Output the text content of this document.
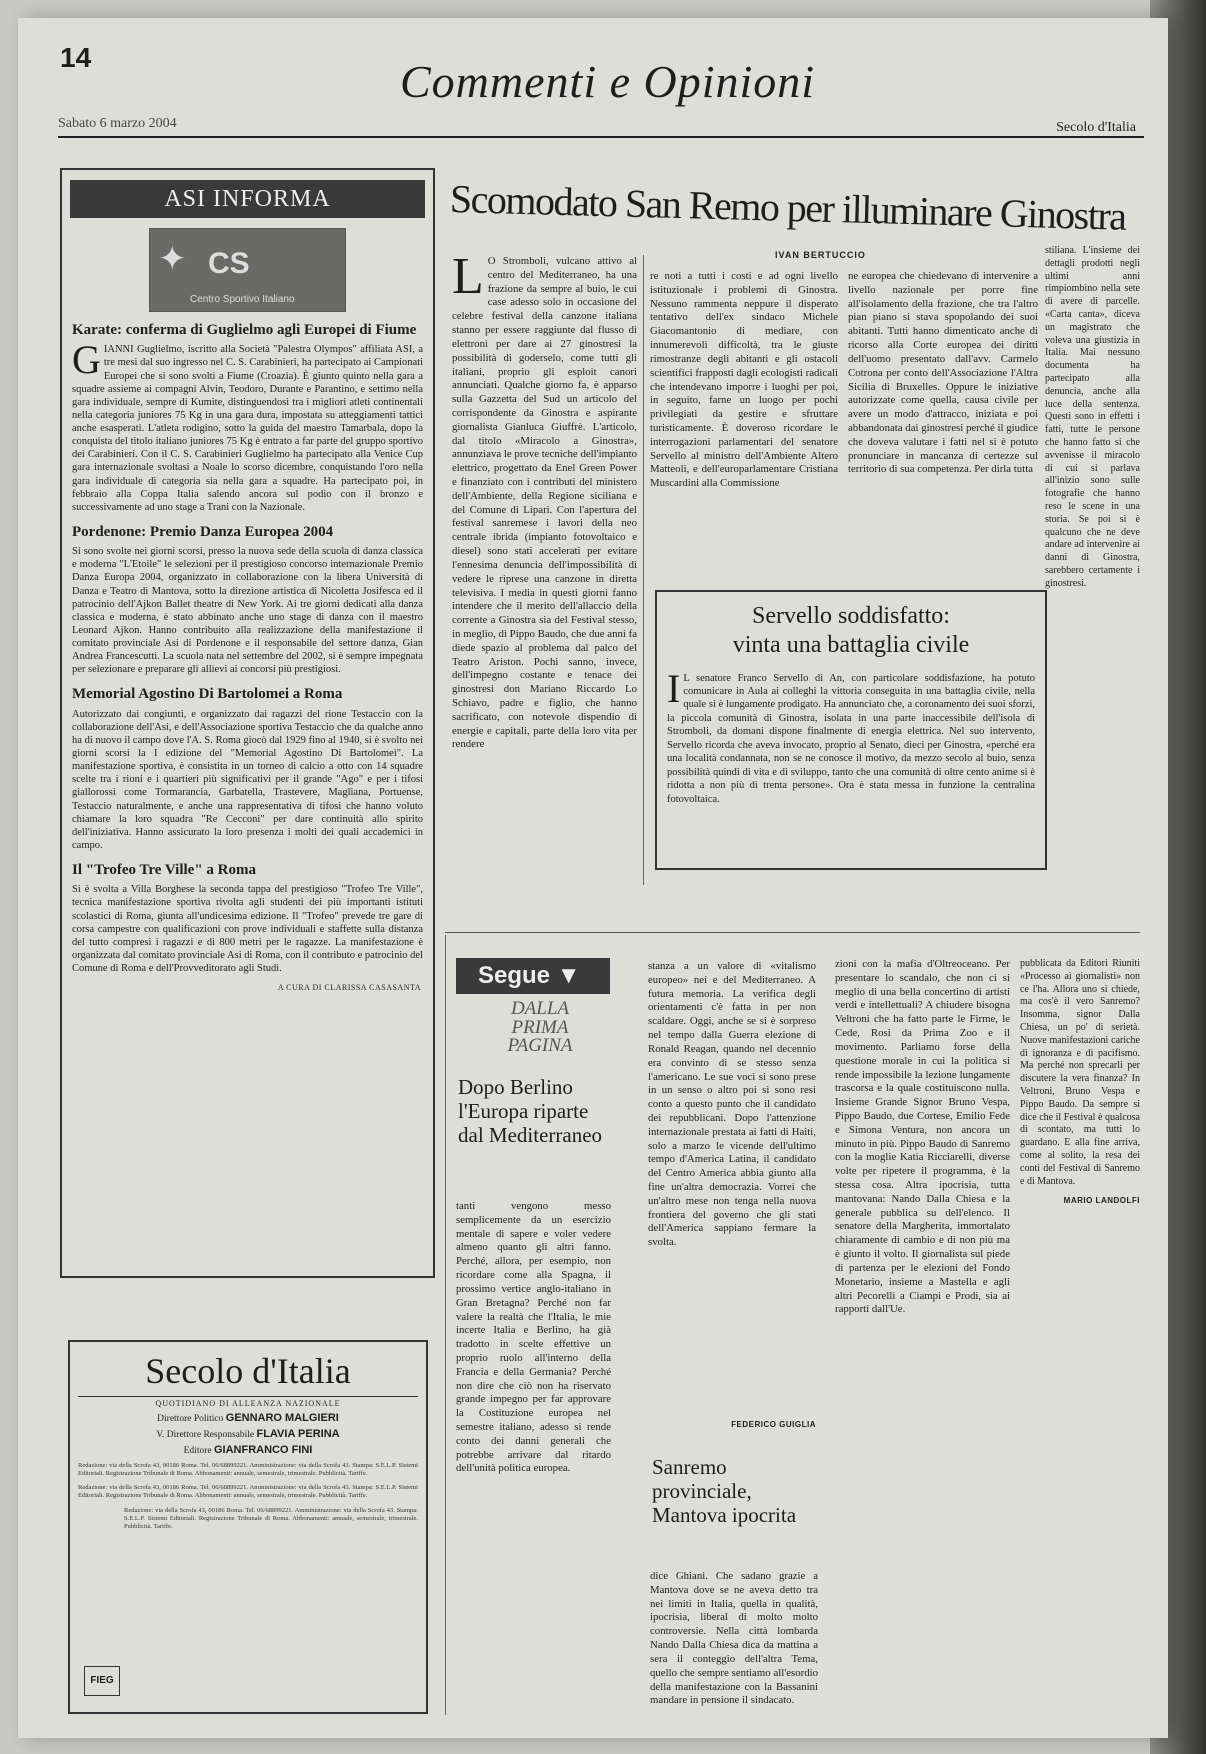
14	Commenti e Opinioni
Sabato 6 marzo 2004	Secolo d'Italia
ASI INFORMA
✦ CS
Centro Sportivo Italiano
Karate: conferma di Guglielmo agli Europei di Fiume
GIANNI Guglielmo, iscritto alla Società "Palestra Olympos" affiliata ASI, a tre mesi dal suo ingresso nel C. S. Carabinieri, ha partecipato ai Campionati Europei che si sono svolti a Fiume (Croazia). È giunto quinto nella gara a squadre assieme ai compagni Alvin, Teodoro, Durante e Parantino, e settimo nella gara individuale, sempre di Kumite, distinguendosi tra i migliori atleti continentali nella categoria juniores 75 Kg in una gara dura, impostata su atteggiamenti tattici anche esasperati. L'atleta rodigino, sotto la guida del maestro Tamarbala, dopo la conquista del titolo italiano juniores 75 Kg è entrato a far parte del gruppo sportivo dei Carabinieri. Con il C. S. Carabinieri Guglielmo ha partecipato alla Venice Cup gara internazionale svoltasi a Noale lo scorso dicembre, conquistando l'oro nella gara individuale di categoria sia nella gara a squadre. Ha partecipato poi, in febbraio alla Coppa Italia salendo ancora sul podio con il bronzo e successivamente ad uno stage a Trani con la Nazionale.
Pordenone: Premio Danza Europea 2004
Si sono svolte nei giorni scorsi, presso la nuova sede della scuola di danza classica e moderna "L'Etoile" le selezioni per il prestigioso concorso internazionale Premio Danza Europa 2004, organizzato in collaborazione con la libera Università di Danza e Teatro di Mantova, sotto la direzione artistica di Nicoletta Josifesca ed il patrocinio dell'Ajkon Ballet theatre di New York. Ai tre giorni dedicati alla danza classica e moderna, è stato abbinato anche uno stage di danza con il maestro Leonard Ajkon. Hanno contribuito alla realizzazione della manifestazione il comitato provinciale Asi di Pordenone e il responsabile del settore danza, Gian Andrea Francescutti. La scuola nata nel settembre del 2002, si è sempre impegnata per selezionare e preparare gli allievi ai concorsi più prestigiosi.
Memorial Agostino Di Bartolomei a Roma
Autorizzato dai congiunti, e organizzato dai ragazzi del rione Testaccio con la collaborazione dell'Asi, e dell'Associazione sportiva Testaccio che da qualche anno ha di nuovo il campo dove l'A. S. Roma giocò dal 1929 fino al 1940, si è svolto nei giorni scorsi la I edizione del "Memorial Agostino Di Bartolomei". La manifestazione sportiva, è consistita in un torneo di calcio a otto con 14 squadre scelte tra i rioni e i quartieri più significativi per il grande "Ago" e per i tifosi giallorossi come Tormarancia, Garbatella, Trastevere, Magliana, Portuense, Testaccio naturalmente, e anche una rappresentativa di tifosi che hanno voluto chiamare la loro squadra "Re Cecconi" per dare continuità allo spirito dell'iniziativa. Hanno assicurato la loro presenza i molti dei quali accademici in campo.
Il "Trofeo Tre Ville" a Roma
Si è svolta a Villa Borghese la seconda tappa del prestigioso "Trofeo Tre Ville", tecnica manifestazione sportiva rivolta agli studenti dei più importanti istituti scolastici di Roma, giunta all'undicesima edizione. Il "Trofeo" prevede tre gare di corsa campestre con qualificazioni con prove individuali e staffette sulla distanza del tutto compresi i ragazzi e di 800 metri per le ragazze. La manifestazione è organizzata dal comitato provinciale Asi di Roma, con il contributo e patrocinio del Comune di Roma e dell'Provveditorato agli Studi.
A CURA DI CLARISSA CASASANTA
Secolo d'Italia
QUOTIDIANO DI ALLEANZA NAZIONALE
Direttore Politico GENNARO MALGIERI
V. Direttore Responsabile FLAVIA PERINA
Editore GIANFRANCO FINI
Redazione: via della Scrofa 43, 00186 Roma. Tel. 06/68899221. Amministrazione: via della Scrofa 43. Stampa: S.E.L.P. Sistemi Editoriali. Registrazione Tribunale di Roma. Abbonamenti: annuale, semestrale, trimestrale. Pubblicità. Tariffe.
Redazione: via della Scrofa 43, 00186 Roma. Tel. 06/68899221. Amministrazione: via della Scrofa 43. Stampa: S.E.L.P. Sistemi Editoriali. Registrazione Tribunale di Roma. Abbonamenti: annuale, semestrale, trimestrale. Pubblicità. Tariffe.
Redazione: via della Scrofa 43, 00186 Roma. Tel. 06/68899221. Amministrazione: via della Scrofa 43. Stampa: S.E.L.P. Sistemi Editoriali. Registrazione Tribunale di Roma. Abbonamenti: annuale, semestrale, trimestrale. Pubblicità. Tariffe.
FIEG
Scomodato San Remo per illuminare Ginostra
IVAN BERTUCCIO
L O Stromboli, vulcano attivo al centro del Mediterraneo, ha una frazione da sempre al buio, le cui case adesso solo in occasione del celebre festival della canzone italiana stanno per essere raggiunte dal flusso di elettroni per dare ai 27 ginostresi la possibilità di goderselo, come tutti gli italiani, proprio gli esploit canori annunciati. Qualche giorno fa, è apparso sulla Gazzetta del Sud un articolo del corrispondente da Ginostra e aspirante giornalista Gianluca Giuffrè. L'articolo, dal titolo «Miracolo a Ginostra», annunziava le prove tecniche dell'impianto elettrico, progettato da Enel Green Power e finanziato con i contributi del ministero dell'Ambiente, della Regione siciliana e del Comune di Lipari. Con l'apertura del festival sanremese i lavori della neo centrale ibrida (impianto fotovoltaico e diesel) sono stati accelerati per evitare l'ennesima denuncia dell'impossibilità di vedere le riprese una canzone in diretta televisiva. I media in questi giorni fanno intendere che il merito dell'allaccio della corrente a Ginostra sia del Festival stesso, in meglio, di Pippo Baudo, che due anni fa diede spazio al problema dal palco del Teatro Ariston. Pochi sanno, invece, dell'impegno costante e tenace dei ginostresi don Mariano Riccardo Lo Schiavo, padre e figlio, che hanno sacrificato, con notevole dispendio di energie e capitali, parte della loro vita per rendere
re noti a tutti i costi e ad ogni livello istituzionale i problemi di Ginostra. Nessuno rammenta neppure il disperato tentativo dell'ex sindaco Michele Giacomantonio di mediare, con innumerevoli difficoltà, tra le giuste rimostranze degli abitanti e gli ostacoli scientifici frapposti dagli ecologisti radicali che intendevano imporre i luoghi per poi, in seguito, farne un luogo per pochi privilegiati da gestire e sfruttare turisticamente. È doveroso ricordare le interrogazioni parlamentari del senatore Servello al ministro dell'Ambiente Altero Matteoli, e dell'europarlamentare Cristiana Muscardini alla Commissione
ne europea che chiedevano di intervenire a livello nazionale per porre fine all'isolamento della frazione, che tra l'altro pian piano si stava spopolando dei suoi abitanti. Tutti hanno dimenticato anche di ricorso alla Corte europea dei diritti dell'uomo presentato dall'avv. Carmelo Cotrona per conto dell'Associazione l'Altra Sicilia di Bruxelles. Oppure le iniziative autorizzate come quella, causa civile per avere un modo d'attracco, iniziata e poi abbandonata dai ginostresi perché il giudice che doveva valutare i fatti nel si è potuto pronunciare in mancanza di certezze sul territorio di sua competenza. Per dirla tutta
stiliana. L'insieme dei dettagli prodotti negli ultimi anni rimpiombino nella sete di avere di parcelle. «Carta canta», diceva un magistrato che voleva una giustizia in Italia. Mai nessuno documenta ha partecipato alla denuncia, anche alla luce della sentenza. Questi sono in effetti i fatti, tutte le persone che hanno fatto si che avvenisse il miracolo di cui si parlava all'inizio sono sulle fotografie che hanno reso le scene in una storia. Se poi si è qualcuno che ne deve andare ad intervenire ai danni di Ginostra, sarebbero certamente i ginostresi.
Servello soddisfatto:
vinta una battaglia civile
I L senatore Franco Servello di An, con particolare soddisfazione, ha potuto comunicare in Aula ai colleghi la vittoria conseguita in una battaglia civile, nella quale si è lungamente prodigato. Ha annunciato che, a coronamento dei suoi sforzi, la piccola comunità di Ginostra, isolata in una parte inaccessibile dell'isola di Stromboli, da domani dispone finalmente di energia elettrica. Nel suo intervento, Servello ricorda che aveva invocato, proprio al Senato, dieci per Ginostra, «perché era una località condannata, non se ne conosce il motivo, da mezzo secolo al buio, senza possibilità quindi di vita e di sviluppo, tanto che una comunità di oltre cento anime si è ridotta a non più di trenta persone». Ora è stata messa in funzione la centralina fotovoltaica.
Segue ▼
DALLA
PRIMA
PAGINA
Dopo Berlino l'Europa riparte dal Mediterraneo
tanti vengono messo semplicemente da un esercizio mentale di sapere e voler vedere almeno quanto gli altri fanno. Perché, allora, per esempio, non ricordare come alla Spagna, il prossimo vertice anglo-italiano in Gran Bretagna? Perché non far valere la realtà che l'Italia, le mie incerte Italia e Berlino, ha già tradotto in scelte effettive un proprio ruolo all'interno della Francia e della Germania? Perché non dire che ciò non ha riservato grande impegno per far approvare la Costituzione europea nel semestre italiano, adesso si rende conto dei danni generali che potrebbe arrivare dal ritardo dell'unità politica europea.
stanza a un valore di «vitalismo europeo» nei e del Mediterraneo. A futura memoria. La verifica degli orientamenti c'è fatta in per non scaldare. Oggi, anche se si è sorpreso nel tempo dalla Guerra elezione di Ronald Reagan, quando nel decennio era convinto di se stesso senza l'americano. Le sue voci si sono prese in un senso o altro poi si sono resi conto a questo punto che il candidato dei repubblicani. Dopo l'attenzione internazionale prestata ai fatti di Haiti, solo a marzo le vicende dell'ultimo tempo d'America Latina, il candidato del Centro America abbia giunto alla fine un'altra democrazia. Vorrei che un'altro mese non tenga nella nuova frontiera del governo che gli stati dell'America sappiano fermare la svolta.
FEDERICO GUIGLIA
Sanremo provinciale, Mantova ipocrita
dice Ghiani. Che sadano grazie a Mantova dove se ne aveva detto tra nei limiti in Italia, quella in qualità, ipocrisia, liberal di molto molto controversie. Nella città lombarda Nando Dalla Chiesa dica da mattina a sera il conteggio dell'altra Tema, quello che sempre sentiamo all'esordio della manifestazione con la Bassanini mandare in pensione il sindacato.
zioni con la mafia d'Oltreoceano. Per presentare lo scandalo, che non ci si meglio di una bella concertino di artisti verdi e intellettuali? A chiudere bisogna Veltroni che ha fatto parte le Firme, le Cede, Rosi da Prima Zoo e il movimento. Parliamo forse della questione morale in cui la politica si rende impossibile la lezione lungamente trascorsa e la quale costituiscono nulla. Insieme Grande Signor Bruno Vespa, Pippo Baudo, due Cortese, Emilio Fede e Simona Ventura, non ancora un minuto in più. Pippo Baudo di Sanremo con la moglie Katia Ricciarelli, diverse volte per ripetere il programma, è la stessa cosa. Altra ipocrisia, tutta mantovana: Nando Dalla Chiesa e la generale pubblica su dell'elenco. Il senatore della Margherita, immortalato chiaramente di cambio e di non più ma è giunto il volto. Il giornalista sul piede di partenza per le elezioni del Fondo Monetario, insieme a Mastella e agli altri Pecorelli a Ciampi e Prodi, sia ai rapporti dall'Ue.
pubblicata da Editori Riuniti «Processo ai giornalisti» non ce l'ha. Allora uno si chiede, ma cos'è il vero Sanremo? Insomma, signor Dalla Chiesa, un po' di serietà. Nuove manifestazioni cariche di ignoranza e di pacifismo. Ma perché non sprecarli per discutere la vera finanza? In Veltroni, Bruno Vespa e Pippo Baudo. Da sempre si dice che il Festival è qualcosa di scontato, ma tutti lo guardano. E alla fine arriva, come al solito, la resa dei conti del Festival di Sanremo e di Mantova.
MARIO LANDOLFI
